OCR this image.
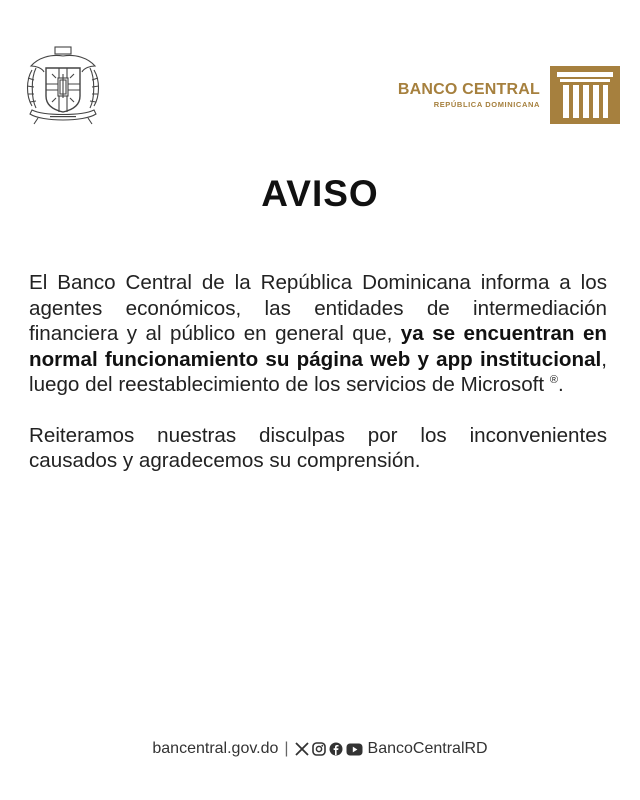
BANCO CENTRAL
REPÚBLICA DOMINICANA
AVISO

El Banco Central de la República Dominicana informa a los agentes económicos, las entidades de intermediación financiera y al público en general que, ya se encuentran en normal funcionamiento su página web y app institucional, luego del reestablecimiento de los servicios de Microsoft ®.

Reiteramos nuestras disculpas por los inconvenientes causados y agradecemos su comprensión.

bancentral.gov.do |	BancoCentralRD
